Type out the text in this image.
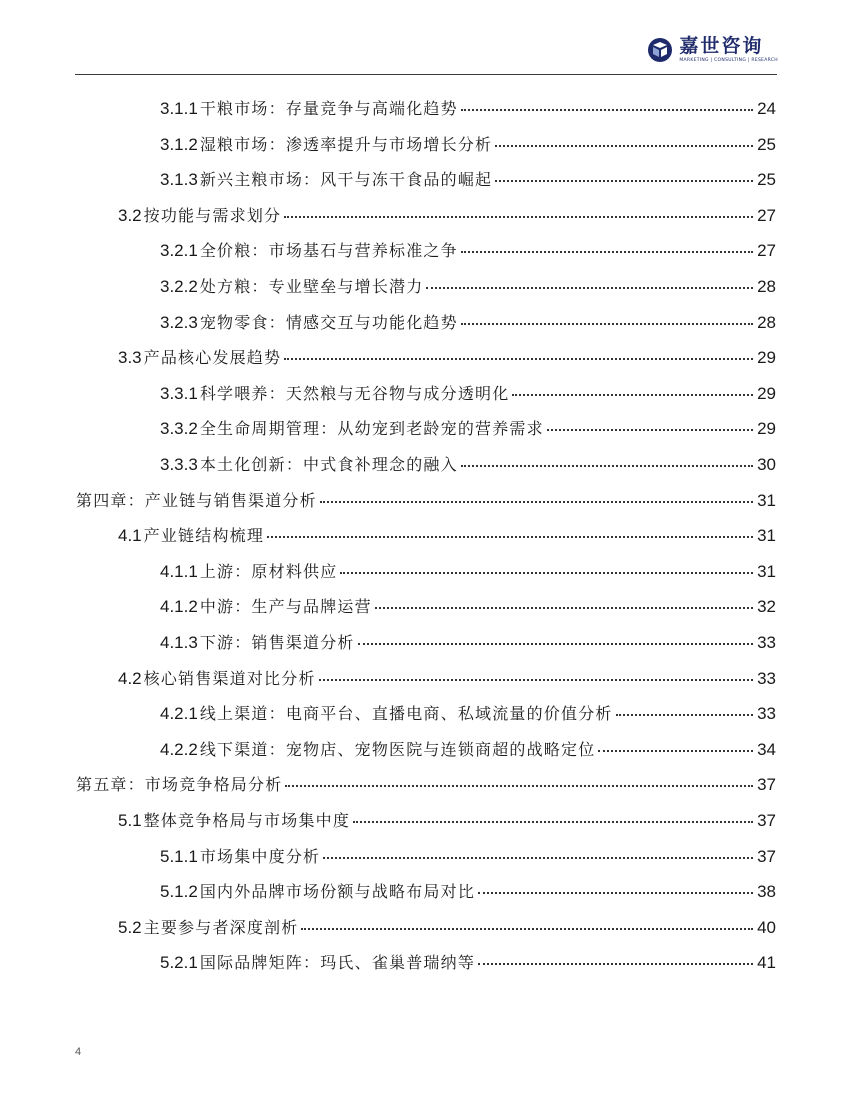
嘉世咨询
MARKETING | CONSULTING | RESEARCH
3.1.1 干粮市场：存量竞争与高端化趋势	24
3.1.2 湿粮市场：渗透率提升与市场增长分析	25
3.1.3 新兴主粮市场：风干与冻干食品的崛起	25
3.2 按功能与需求划分	27
3.2.1 全价粮：市场基石与营养标准之争	27
3.2.2 处方粮：专业壁垒与增长潜力	28
3.2.3 宠物零食：情感交互与功能化趋势	28
3.3 产品核心发展趋势	29
3.3.1 科学喂养：天然粮与无谷物与成分透明化	29
3.3.2 全生命周期管理：从幼宠到老龄宠的营养需求	29
3.3.3 本土化创新：中式食补理念的融入	30
第四章：产业链与销售渠道分析	31
4.1 产业链结构梳理	31
4.1.1 上游：原材料供应	31
4.1.2 中游：生产与品牌运营	32
4.1.3 下游：销售渠道分析	33
4.2 核心销售渠道对比分析	33
4.2.1 线上渠道：电商平台、直播电商、私域流量的价值分析	33
4.2.2 线下渠道：宠物店、宠物医院与连锁商超的战略定位	34
第五章：市场竞争格局分析	37
5.1 整体竞争格局与市场集中度	37
5.1.1 市场集中度分析	37
5.1.2 国内外品牌市场份额与战略布局对比	38
5.2 主要参与者深度剖析	40
5.2.1 国际品牌矩阵：玛氏、雀巢普瑞纳等	41
4
